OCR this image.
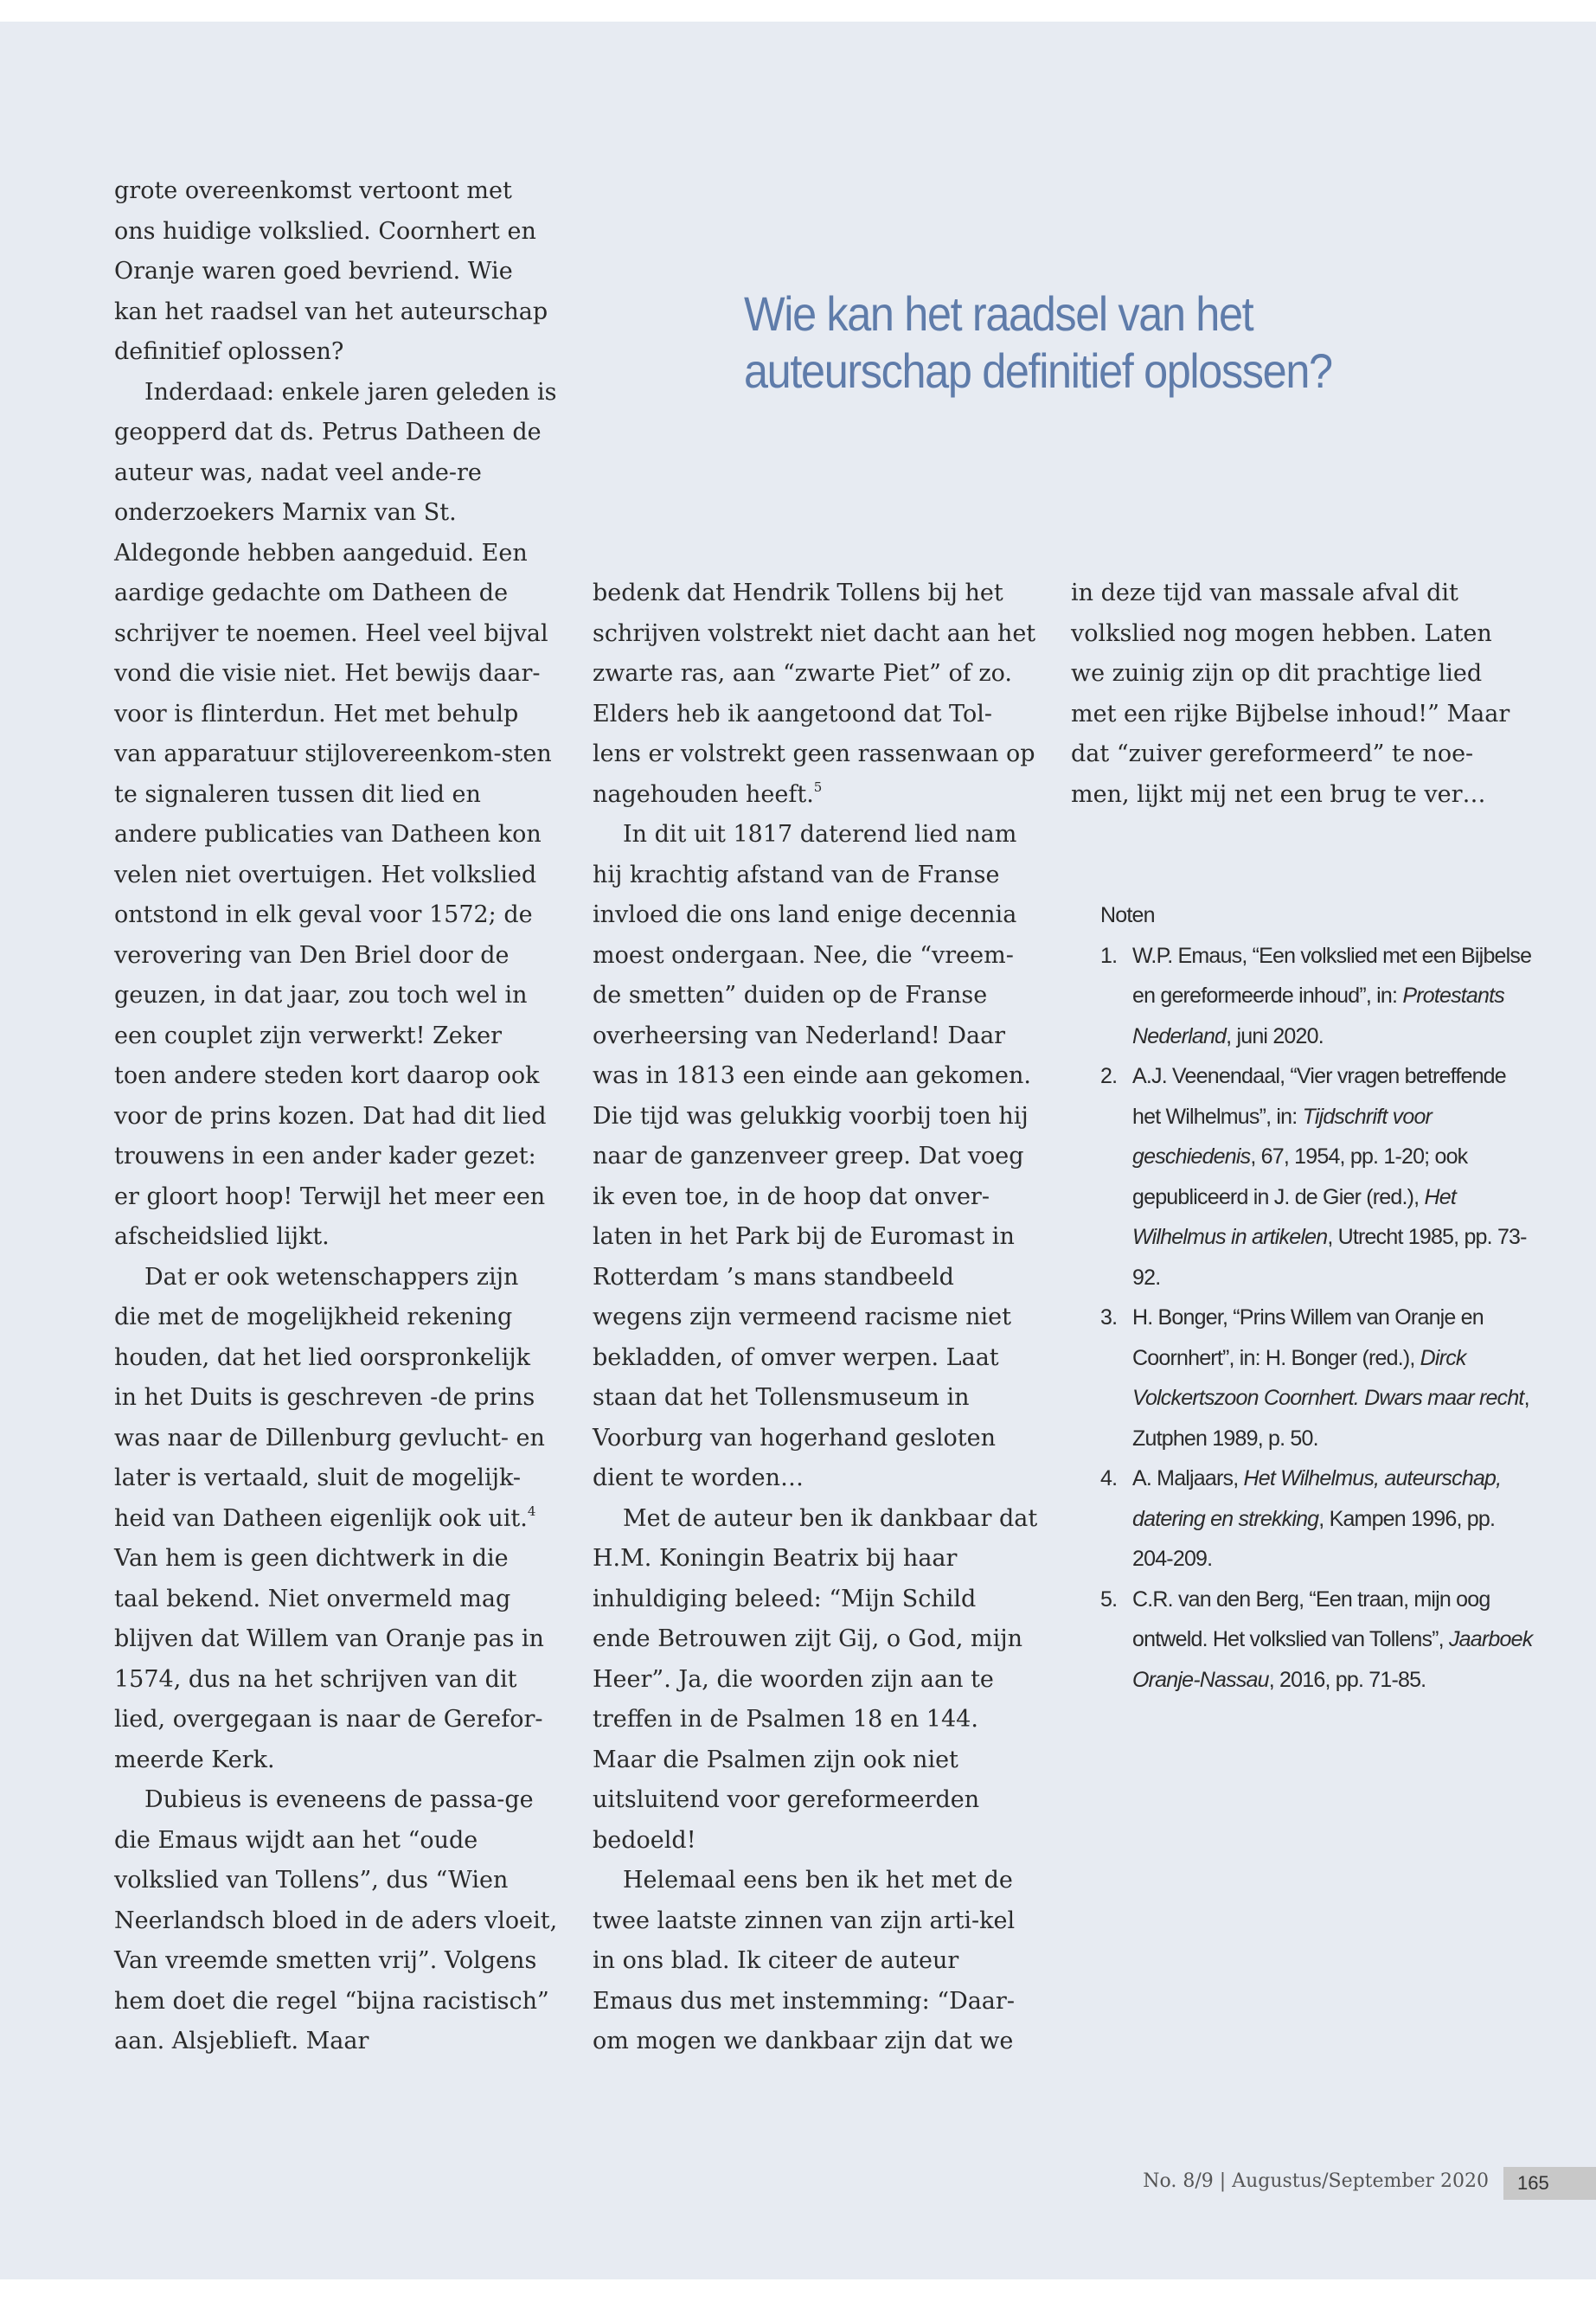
grote overeenkomst vertoont met ons huidige volkslied. Coornhert en Oranje waren goed bevriend. Wie kan het raadsel van het auteurschap definitief oplossen?

Inderdaad: enkele jaren geleden is geopperd dat ds. Petrus Datheen de auteur was, nadat veel ande-re onderzoekers Marnix van St. Aldegonde hebben aangeduid. Een aardige gedachte om Datheen de schrijver te noemen. Heel veel bijval vond die visie niet. Het bewijs daar-voor is flinterdun. Het met behulp van apparatuur stijlovereenkom-sten te signaleren tussen dit lied en andere publicaties van Datheen kon velen niet overtuigen. Het volkslied ontstond in elk geval voor 1572; de verovering van Den Briel door de geuzen, in dat jaar, zou toch wel in een couplet zijn verwerkt! Zeker toen andere steden kort daarop ook voor de prins kozen. Dat had dit lied trouwens in een ander kader gezet: er gloort hoop! Terwijl het meer een afscheidslied lijkt.

Dat er ook wetenschappers zijn die met de mogelijkheid rekening houden, dat het lied oorspronkelijk in het Duits is geschreven -de prins was naar de Dillenburg gevlucht- en later is vertaald, sluit de mogelijk-heid van Datheen eigenlijk ook uit.$^4$ Van hem is geen dichtwerk in die taal bekend. Niet onvermeld mag blijven dat Willem van Oranje pas in 1574, dus na het schrijven van dit lied, overgegaan is naar de Gerefor-meerde Kerk.

Dubieus is eveneens de passa-ge die Emaus wijdt aan het “oude volkslied van Tollens”, dus “Wien Neerlandsch bloed in de aders vloeit, Van vreemde smetten vrij”. Volgens hem doet die regel “bijna racistisch” aan. Alsjeblieft. Maar

Wie kan het raadsel van het auteurschap definitief oplossen?

bedenk dat Hendrik Tollens bij het schrijven volstrekt niet dacht aan het zwarte ras, aan “zwarte Piet” of zo. Elders heb ik aangetoond dat Tol-lens er volstrekt geen rassenwaan op nagehouden heeft.$^5$

In dit uit 1817 daterend lied nam hij krachtig afstand van de Franse invloed die ons land enige decennia moest ondergaan. Nee, die “vreem-de smetten” duiden op de Franse overheersing van Nederland! Daar was in 1813 een einde aan gekomen. Die tijd was gelukkig voorbij toen hij naar de ganzenveer greep. Dat voeg ik even toe, in de hoop dat onver-laten in het Park bij de Euromast in Rotterdam ’s mans standbeeld wegens zijn vermeend racisme niet bekladden, of omver werpen. Laat staan dat het Tollensmuseum in Voorburg van hogerhand gesloten dient te worden…

Met de auteur ben ik dankbaar dat H.M. Koningin Beatrix bij haar inhuldiging beleed: “Mijn Schild ende Betrouwen zijt Gij, o God, mijn Heer”. Ja, die woorden zijn aan te treffen in de Psalmen 18 en 144. Maar die Psalmen zijn ook niet uitsluitend voor gereformeerden bedoeld!

Helemaal eens ben ik het met de twee laatste zinnen van zijn arti-kel in ons blad. Ik citeer de auteur Emaus dus met instemming: “Daar-om mogen we dankbaar zijn dat we

in deze tijd van massale afval dit volkslied nog mogen hebben. Laten we zuinig zijn op dit prachtige lied met een rijke Bijbelse inhoud!” Maar dat “zuiver gereformeerd” te noe-men, lijkt mij net een brug te ver…

Noten

1. W.P. Emaus, “Een volkslied met een Bijbelse en gereformeerde inhoud”, in: Protestants Nederland, juni 2020.
2. A.J. Veenendaal, “Vier vragen betreffende het Wilhelmus”, in: Tijdschrift voor geschiedenis, 67, 1954, pp. 1-20; ook gepubliceerd in J. de Gier (red.), Het Wilhelmus in artikelen, Utrecht 1985, pp. 73-92.
3. H. Bonger, “Prins Willem van Oranje en Coornhert”, in: H. Bonger (red.), Dirck Volckertszoon Coornhert. Dwars maar recht, Zutphen 1989, p. 50.
4. A. Maljaars, Het Wilhelmus, auteurschap, datering en strekking, Kampen 1996, pp. 204-209.
5. C.R. van den Berg, “Een traan, mijn oog ontweld. Het volkslied van Tollens”, Jaarboek Oranje-Nassau, 2016, pp. 71-85.
No. 8/9 | Augustus/September 2020	165
